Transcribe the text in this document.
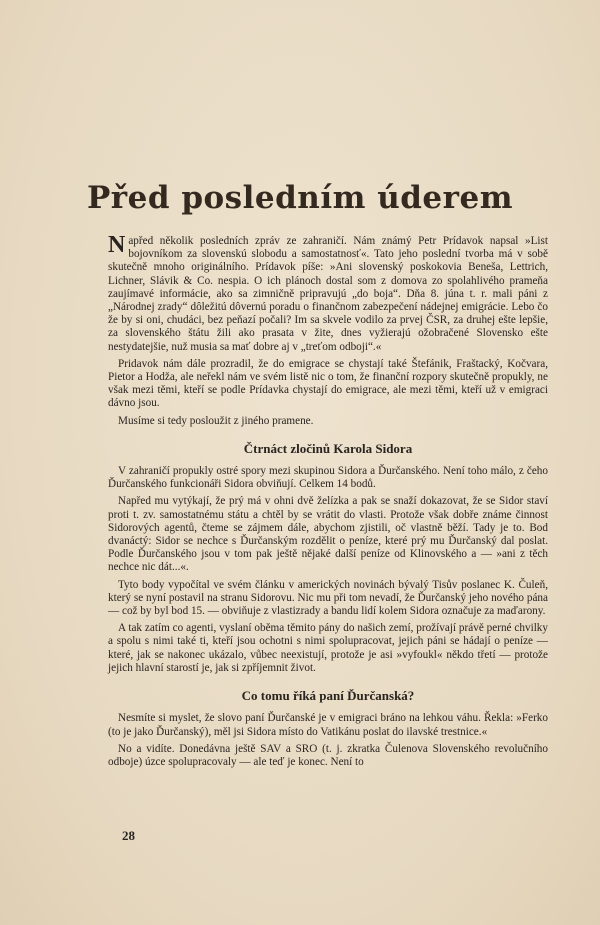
Před posledním úderem

Napřed několik posledních zpráv ze zahraničí. Nám známý Petr Prídavok napsal »List bojovníkom za slovenskú slobodu a samostatnosť«. Tato jeho poslední tvorba má v sobě skutečně mnoho originálního. Prídavok píše: »Ani slovenský poskokovia Beneša, Lettrich, Lichner, Slávik & Co. nespia. O ich plánoch dostal som z domova zo spolahlivého prameňa zaujímavé informácie, ako sa zimničně pripravujú „do boja“. Dňa 8. júna t. r. mali páni z „Národnej zrady“ dôležitú dôvernú poradu o finančnom zabezpečení nádejnej emigrácie. Lebo čo že by si oni, chudáci, bez peňazí počali? Im sa skvele vodilo za prvej ČSR, za druhej ešte lepšie, za slovenského štátu žili ako prasata v žite, dnes vyžierajú ožobračené Slovensko ešte nestydatejšie, nuž musia sa mať dobre aj v „treťom odboji“.«

Pridavok nám dále prozradil, že do emigrace se chystají také Štefánik, Fraštacký, Kočvara, Pietor a Hodža, ale neřekl nám ve svém listě nic o tom, že finanční rozpory skutečně propukly, ne však mezi těmi, kteří se podle Prídavka chystají do emigrace, ale mezi těmi, kteří už v emigraci dávno jsou.

Musíme si tedy posloužit z jiného pramene.

Čtrnáct zločinů Karola Sidora

V zahraničí propukly ostré spory mezi skupinou Sidora a Ďurčanského. Není toho málo, z čeho Ďurčanského funkcionáři Sidora obviňují. Celkem 14 bodů.

Napřed mu vytýkají, že prý má v ohni dvě želízka a pak se snaží dokazovat, že se Sidor staví proti t. zv. samostatnému státu a chtěl by se vrátit do vlasti. Protože však dobře známe činnost Sidorových agentů, čteme se zájmem dále, abychom zjistili, oč vlastně běží. Tady je to. Bod dvanáctý: Sidor se nechce s Ďurčanským rozdělit o peníze, které prý mu Ďurčanský dal poslat. Podle Ďurčanského jsou v tom pak ještě nějaké další peníze od Klinovského a — »ani z těch nechce nic dát...«.

Tyto body vypočítal ve svém článku v amerických novinách bývalý Tisův poslanec K. Čuleň, který se nyní postavil na stranu Sidorovu. Nic mu při tom nevadí, že Ďurčanský jeho nového pána — což by byl bod 15. — obviňuje z vlastizrady a bandu lidí kolem Sidora označuje za maďarony.

A tak zatím co agenti, vyslaní oběma těmito pány do našich zemí, prožívají právě perné chvilky a spolu s nimi také ti, kteří jsou ochotni s nimi spolupracovat, jejich páni se hádají o peníze — které, jak se nakonec ukázalo, vůbec neexistují, protože je asi »vyfoukl« někdo třetí — protože jejich hlavní starostí je, jak si zpříjemnit život.

Co tomu říká paní Ďurčanská?

Nesmíte si myslet, že slovo paní Ďurčanské je v emigraci bráno na lehkou váhu. Řekla: »Ferko (to je jako Ďurčanský), měl jsi Sidora místo do Vatikánu poslat do ilavské trestnice.«

No a vidíte. Donedávna ještě SAV a SRO (t. j. zkratka Čulenova Slovenského revolučního odboje) úzce spolupracovaly — ale teď je konec. Není to

28
